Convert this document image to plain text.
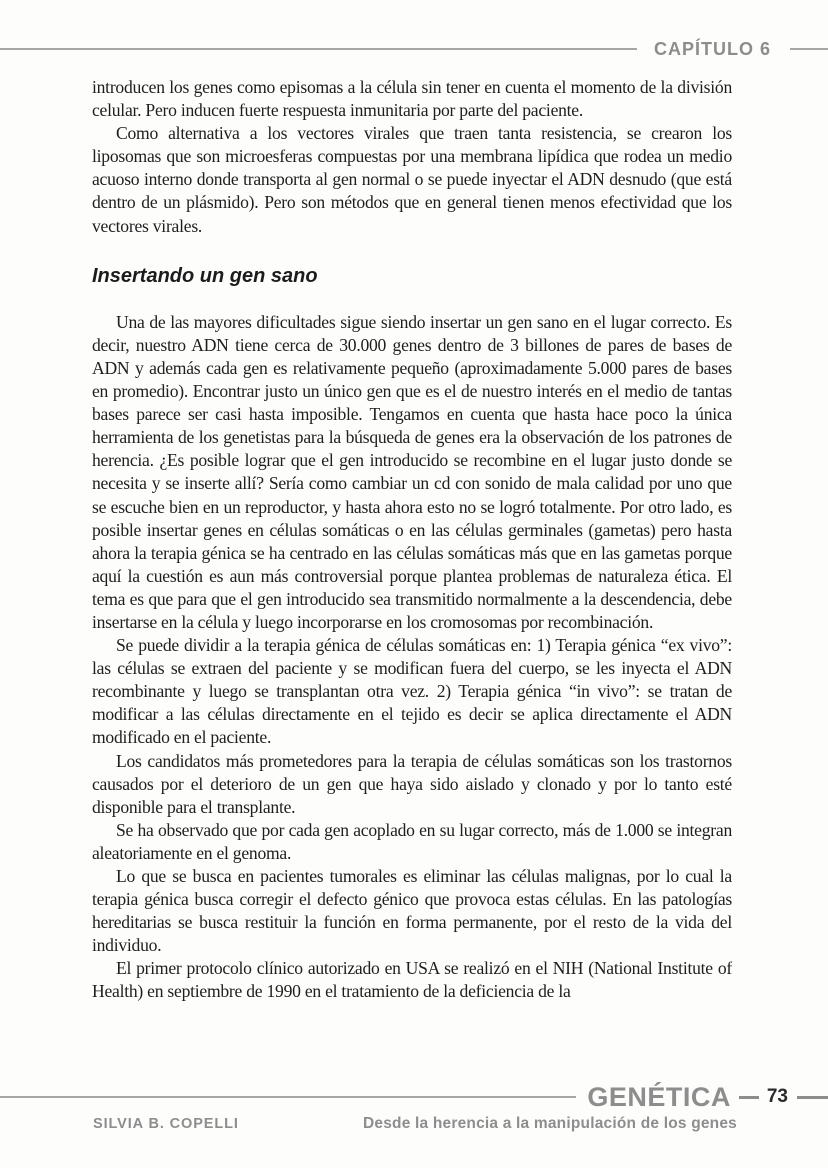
CAPÍTULO 6

introducen los genes como episomas a la célula sin tener en cuenta el momento de la división celular. Pero inducen fuerte respuesta inmunitaria por parte del paciente.

Como alternativa a los vectores virales que traen tanta resistencia, se crearon los liposomas que son microesferas compuestas por una membrana lipídica que rodea un medio acuoso interno donde transporta al gen normal o se puede inyectar el ADN desnudo (que está dentro de un plásmido). Pero son métodos que en general tienen menos efectividad que los vectores virales.

Insertando un gen sano

Una de las mayores dificultades sigue siendo insertar un gen sano en el lugar correcto. Es decir, nuestro ADN tiene cerca de 30.000 genes dentro de 3 billones de pares de bases de ADN y además cada gen es relativamente pequeño (aproximadamente 5.000 pares de bases en promedio). Encontrar justo un único gen que es el de nuestro interés en el medio de tantas bases parece ser casi hasta imposible. Tengamos en cuenta que hasta hace poco la única herramienta de los genetistas para la búsqueda de genes era la observación de los patrones de herencia. ¿Es posible lograr que el gen introducido se recombine en el lugar justo donde se necesita y se inserte allí? Sería como cambiar un cd con sonido de mala calidad por uno que se escuche bien en un reproductor, y hasta ahora esto no se logró totalmente. Por otro lado, es posible insertar genes en células somáticas o en las células germinales (gametas) pero hasta ahora la terapia génica se ha centrado en las células somáticas más que en las gametas porque aquí la cuestión es aun más controversial porque plantea problemas de naturaleza ética. El tema es que para que el gen introducido sea transmitido normalmente a la descendencia, debe insertarse en la célula y luego incorporarse en los cromosomas por recombinación.

Se puede dividir a la terapia génica de células somáticas en: 1) Terapia génica “ex vivo”: las células se extraen del paciente y se modifican fuera del cuerpo, se les inyecta el ADN recombinante y luego se transplantan otra vez. 2) Terapia génica “in vivo”: se tratan de modificar a las células directamente en el tejido es decir se aplica directamente el ADN modificado en el paciente.

Los candidatos más prometedores para la terapia de células somáticas son los trastornos causados por el deterioro de un gen que haya sido aislado y clonado y por lo tanto esté disponible para el transplante.

Se ha observado que por cada gen acoplado en su lugar correcto, más de 1.000 se integran aleatoriamente en el genoma.

Lo que se busca en pacientes tumorales es eliminar las células malignas, por lo cual la terapia génica busca corregir el defecto génico que provoca estas células. En las patologías hereditarias se busca restituir la función en forma permanente, por el resto de la vida del individuo.

El primer protocolo clínico autorizado en USA se realizó en el NIH (National Institute of Health) en septiembre de 1990 en el tratamiento de la deficiencia de la

GENÉTICA 73
SILVIA B. COPELLI	Desde la herencia a la manipulación de los genes
